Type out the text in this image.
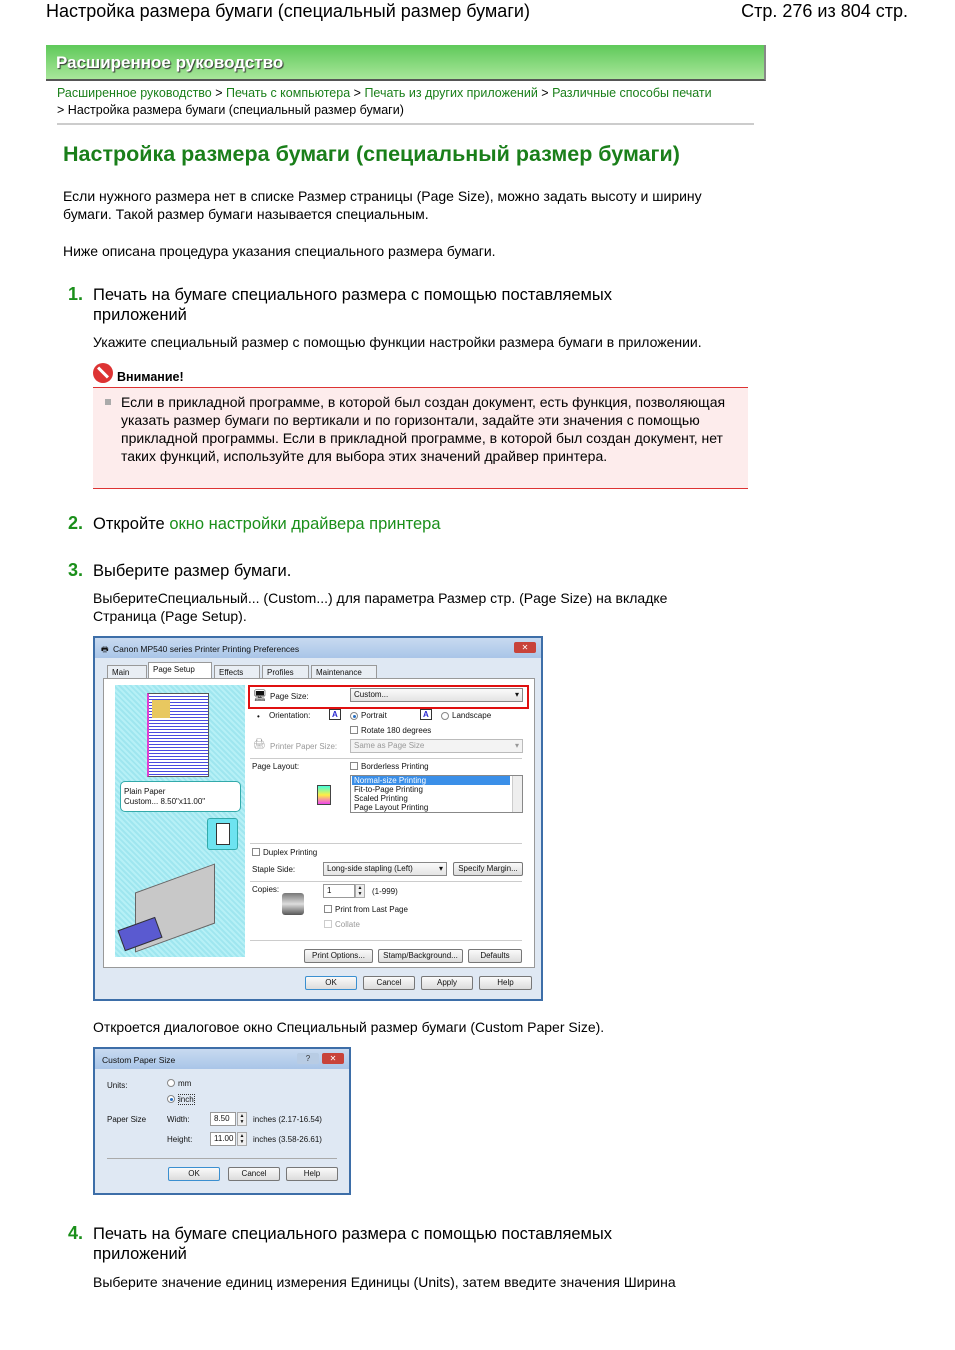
Настройка размера бумаги (специальный размер бумаги)	Стр. 276 из 804 стр.
Расширенное руководство
Расширенное руководство > Печать с компьютера > Печать из других приложений > Различные способы печати
> Настройка размера бумаги (специальный размер бумаги)
Настройка размера бумаги (специальный размер бумаги)
Если нужного размера нет в списке Размер страницы (Page Size), можно задать высоту и ширину бумаги. Такой размер бумаги называется специальным.
Ниже описана процедура указания специального размера бумаги.
1. Печать на бумаге специального размера с помощью поставляемых приложений
Укажите специальный размер с помощью функции настройки размера бумаги в приложении.
Внимание!
Если в прикладной программе, в которой был создан документ, есть функция, позволяющая указать размер бумаги по вертикали и по горизонтали, задайте эти значения с помощью прикладной программы. Если в прикладной программе, в которой был создан документ, нет таких функций, используйте для выбора этих значений драйвер принтера.
2. Откройте окно настройки драйвера принтера
3. Выберите размер бумаги.
ВыберитеСпециальный... (Custom...) для параметра Размер стр. (Page Size) на вкладке Страница (Page Setup).
🖶 Canon MP540 series Printer Printing Preferences	✕
Main	Page Setup	Effects	Profiles	Maintenance
Plain Paper
Custom... 8.50"x11.00"
🖥 Page Size:	Custom... ▾
• Orientation:	A	Portrait	A	Landscape
Rotate 180 degrees
🖨 Printer Paper Size:	Same as Page Size ▾
Page Layout:	Borderless Printing
Normal-size Printing
Fit-to-Page Printing
Scaled Printing
Page Layout Printing
Duplex Printing
Staple Side:	Long-side stapling (Left) ▾	Specify Margin...
Copies:	1	▲
▼	(1-999)
Print from Last Page
Collate
Print Options...	Stamp/Background...	Defaults
OK	Cancel	Apply	Help
Откроется диалоговое окно Специальный размер бумаги (Custom Paper Size).
Custom Paper Size	?	✕
Units:	mm
inch
Paper Size	Width:	8.50	▲
▼	inches (2.17-16.54)
Height:	11.00	▲
▼	inches (3.58-26.61)
OK	Cancel	Help
4. Печать на бумаге специального размера с помощью поставляемых приложений
Выберите значение единиц измерения Единицы (Units), затем введите значения Ширина
